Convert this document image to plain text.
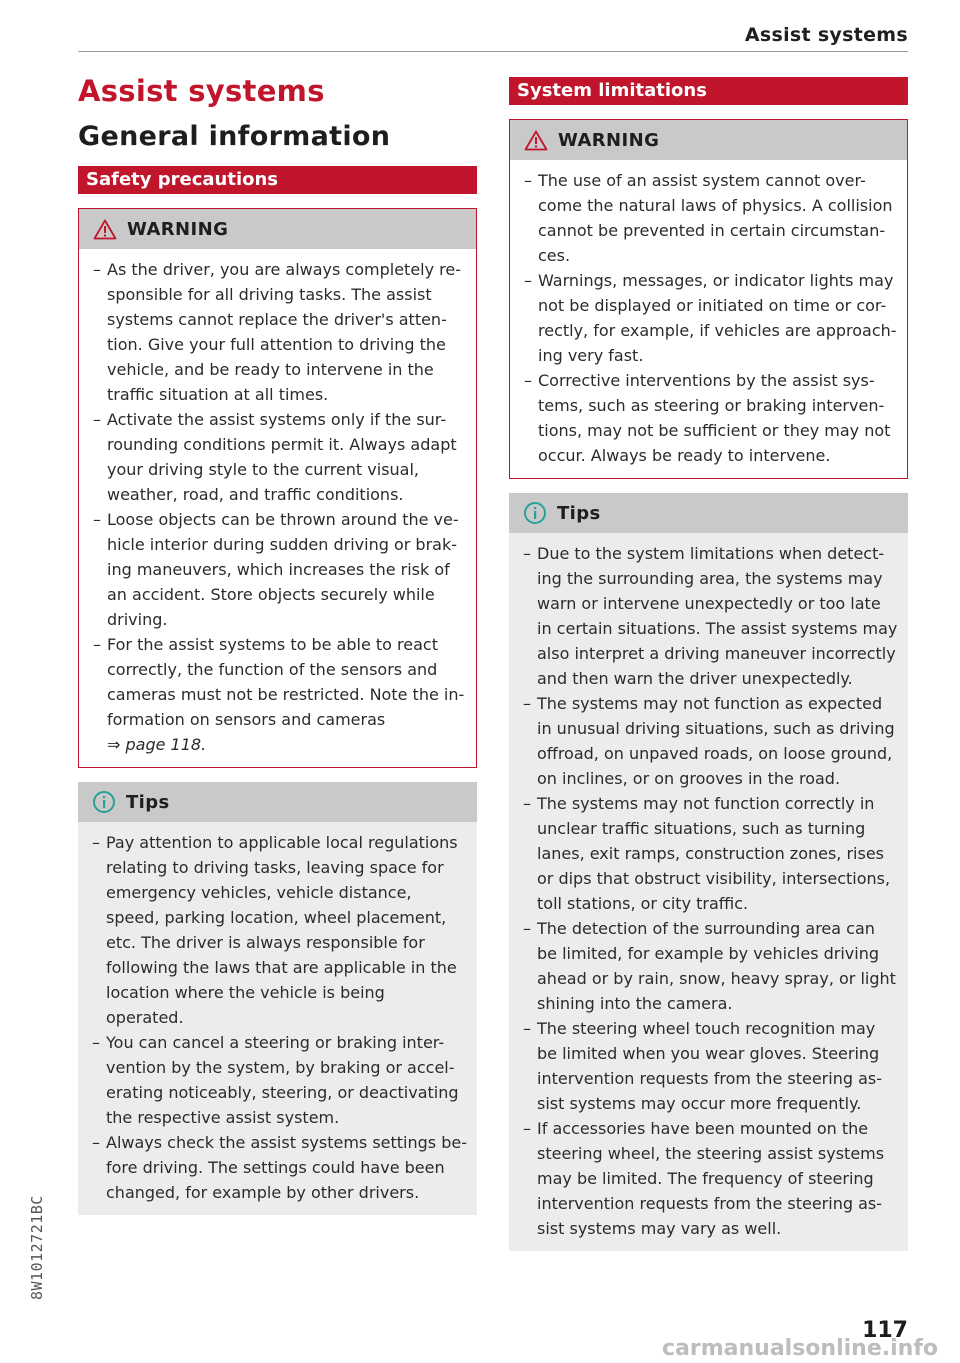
Assist systems
8W1012721BC
Assist systems
General information
Safety precautions
WARNING
– As the driver, you are always completely re-sponsible for all driving tasks. The assist systems cannot replace the driver's atten-tion. Give your full attention to driving the vehicle, and be ready to intervene in the traffic situation at all times.
– Activate the assist systems only if the sur-rounding conditions permit it. Always adapt your driving style to the current visual, weather, road, and traffic conditions.
– Loose objects can be thrown around the ve-hicle interior during sudden driving or brak-ing maneuvers, which increases the risk of an accident. Store objects securely while driving.
– For the assist systems to be able to react correctly, the function of the sensors and cameras must not be restricted. Note the in-formation on sensors and cameras
⇒ page 118.
Tips
– Pay attention to applicable local regulations relating to driving tasks, leaving space for emergency vehicles, vehicle distance, speed, parking location, wheel placement, etc. The driver is always responsible for following the laws that are applicable in the location where the vehicle is being operated.
– You can cancel a steering or braking inter-vention by the system, by braking or accel-erating noticeably, steering, or deactivating the respective assist system.
– Always check the assist systems settings be-fore driving. The settings could have been changed, for example by other drivers.
System limitations
WARNING
– The use of an assist system cannot over-come the natural laws of physics. A collision cannot be prevented in certain circumstan-ces.
– Warnings, messages, or indicator lights may not be displayed or initiated on time or cor-rectly, for example, if vehicles are approach-ing very fast.
– Corrective interventions by the assist sys-tems, such as steering or braking interven-tions, may not be sufficient or they may not occur. Always be ready to intervene.
Tips
– Due to the system limitations when detect-ing the surrounding area, the systems may warn or intervene unexpectedly or too late in certain situations. The assist systems may also interpret a driving maneuver incorrectly and then warn the driver unexpectedly.
– The systems may not function as expected in unusual driving situations, such as driving offroad, on unpaved roads, on loose ground, on inclines, or on grooves in the road.
– The systems may not function correctly in unclear traffic situations, such as turning lanes, exit ramps, construction zones, rises or dips that obstruct visibility, intersections, toll stations, or city traffic.
– The detection of the surrounding area can be limited, for example by vehicles driving ahead or by rain, snow, heavy spray, or light shining into the camera.
– The steering wheel touch recognition may be limited when you wear gloves. Steering intervention requests from the steering as-sist systems may occur more frequently.
– If accessories have been mounted on the steering wheel, the steering assist systems may be limited. The frequency of steering intervention requests from the steering as-sist systems may vary as well.
117
carmanualsonline.info
